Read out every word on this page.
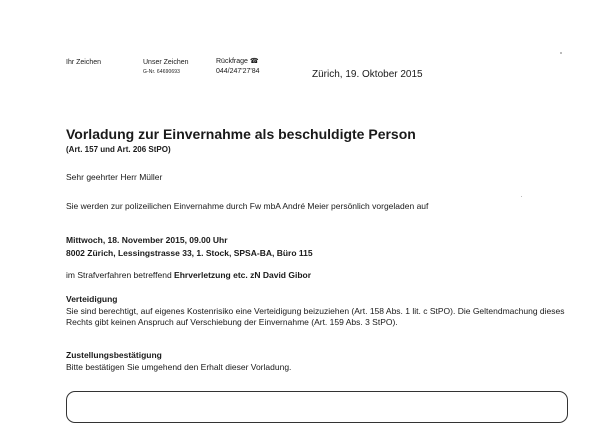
Ihr Zeichen	Unser Zeichen
G-Nr. 64690693
Rückfrage ☎
044/247'27'84	Zürich, 19. Oktober 2015
Vorladung zur Einvernahme als beschuldigte Person
(Art. 157 und Art. 206 StPO)
Sehr geehrter Herr Müller
Sie werden zur polizeilichen Einvernahme durch Fw mbA André Meier persönlich vorgeladen auf
Mittwoch, 18. November 2015, 09.00 Uhr
8002 Zürich, Lessingstrasse 33, 1. Stock, SPSA-BA, Büro 115
im Strafverfahren betreffend Ehrverletzung etc. zN David Gibor
Verteidigung
Sie sind berechtigt, auf eigenes Kostenrisiko eine Verteidigung beizuziehen (Art. 158 Abs. 1 lit. c StPO). Die Geltendmachung dieses Rechts gibt keinen Anspruch auf Verschiebung der Einvernahme (Art. 159 Abs. 3 StPO).
Zustellungsbestätigung
Bitte bestätigen Sie umgehend den Erhalt dieser Vorladung.
